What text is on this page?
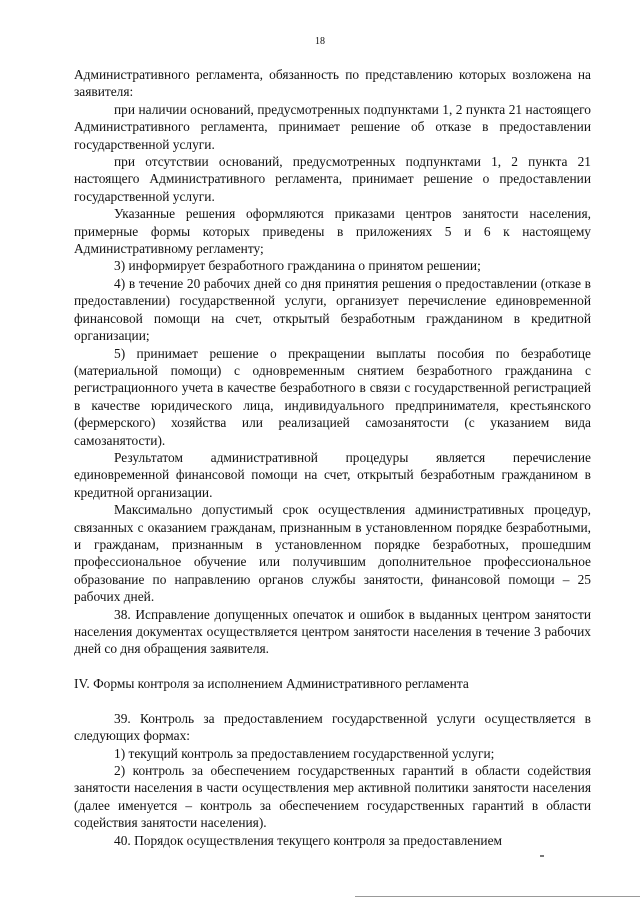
18

Административного регламента, обязанность по представлению которых возложена на заявителя:

при наличии оснований, предусмотренных подпунктами 1, 2 пункта 21 настоящего Административного регламента, принимает решение об отказе в предоставлении государственной услуги.

при отсутствии оснований, предусмотренных подпунктами 1, 2 пункта 21 настоящего Административного регламента, принимает решение о предоставлении государственной услуги.

Указанные решения оформляются приказами центров занятости населения, примерные формы которых приведены в приложениях 5 и 6 к настоящему Административному регламенту;

3) информирует безработного гражданина о принятом решении;

4) в течение 20 рабочих дней со дня принятия решения о предоставлении (отказе в предоставлении) государственной услуги, организует перечисление единовременной финансовой помощи на счет, открытый безработным гражданином в кредитной организации;

5) принимает решение о прекращении выплаты пособия по безработице (материальной помощи) с одновременным снятием безработного гражданина с регистрационного учета в качестве безработного в связи с государственной регистрацией в качестве юридического лица, индивидуального предпринимателя, крестьянского (фермерского) хозяйства или реализацией самозанятости (с указанием вида самозанятости).

Результатом административной процедуры является перечисление единовременной финансовой помощи на счет, открытый безработным гражданином в кредитной организации.

Максимально допустимый срок осуществления административных процедур, связанных с оказанием гражданам, признанным в установленном порядке безработными, и гражданам, признанным в установленном порядке безработных, прошедшим профессиональное обучение или получившим дополнительное профессиональное образование по направлению органов службы занятости, финансовой помощи – 25 рабочих дней.

38. Исправление допущенных опечаток и ошибок в выданных центром занятости населения документах осуществляется центром занятости населения в течение 3 рабочих дней со дня обращения заявителя.

IV. Формы контроля за исполнением Административного регламента

39. Контроль за предоставлением государственной услуги осуществляется в следующих формах:

1) текущий контроль за предоставлением государственной услуги;

2) контроль за обеспечением государственных гарантий в области содействия занятости населения в части осуществления мер активной политики занятости населения (далее именуется – контроль за обеспечением государственных гарантий в области содействия занятости населения).

40. Порядок осуществления текущего контроля за предоставлением
